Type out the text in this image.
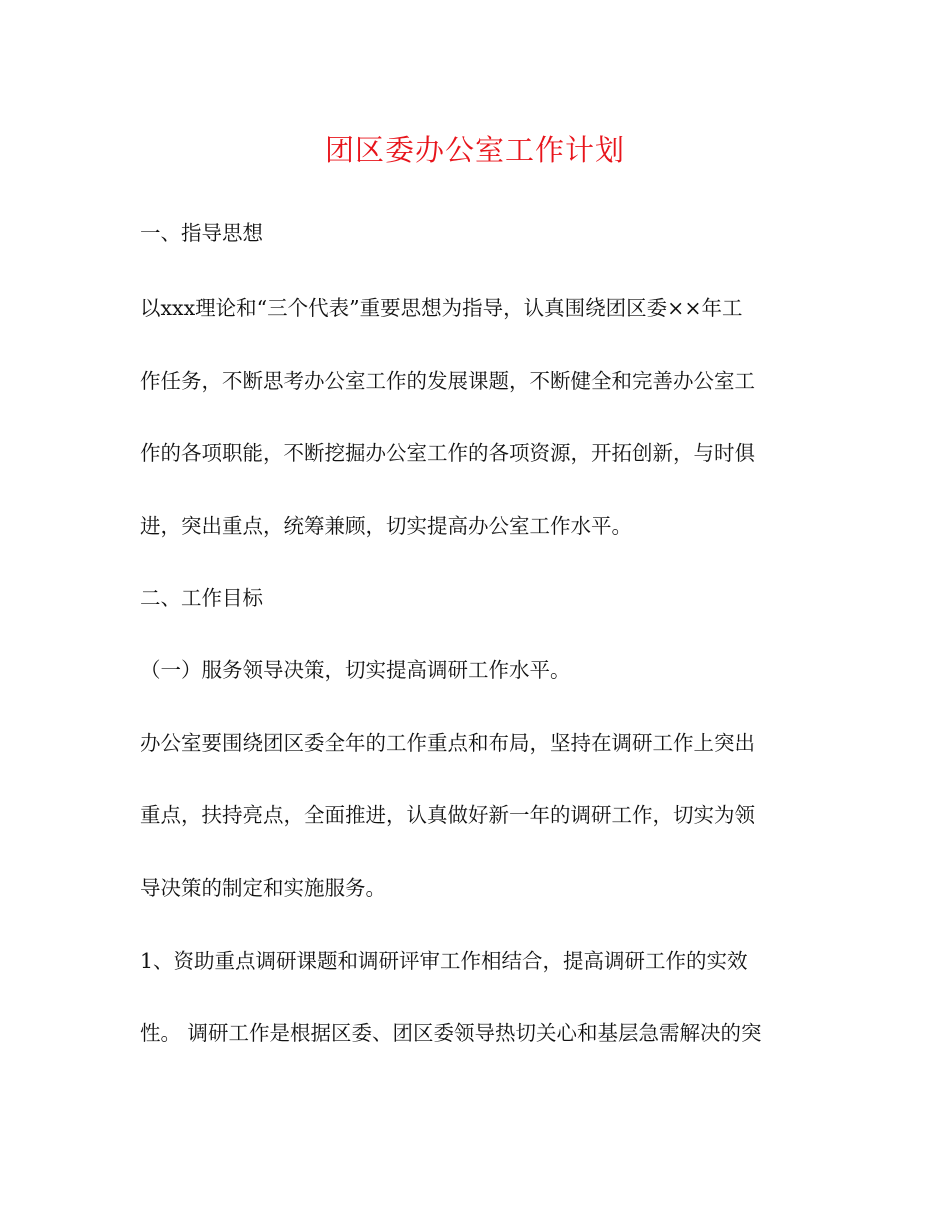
团区委办公室工作计划
一、指导思想
以xxx理论和“三个代表”重要思想为指导，认真围绕团区委××年工
作任务，不断思考办公室工作的发展课题，不断健全和完善办公室工
作的各项职能，不断挖掘办公室工作的各项资源，开拓创新，与时俱
进，突出重点，统筹兼顾，切实提高办公室工作水平。
二、工作目标
（一）服务领导决策，切实提高调研工作水平。
办公室要围绕团区委全年的工作重点和布局，坚持在调研工作上突出
重点，扶持亮点，全面推进，认真做好新一年的调研工作，切实为领
导决策的制定和实施服务。
1、资助重点调研课题和调研评审工作相结合，提高调研工作的实效
性。 调研工作是根据区委、团区委领导热切关心和基层急需解决的突
